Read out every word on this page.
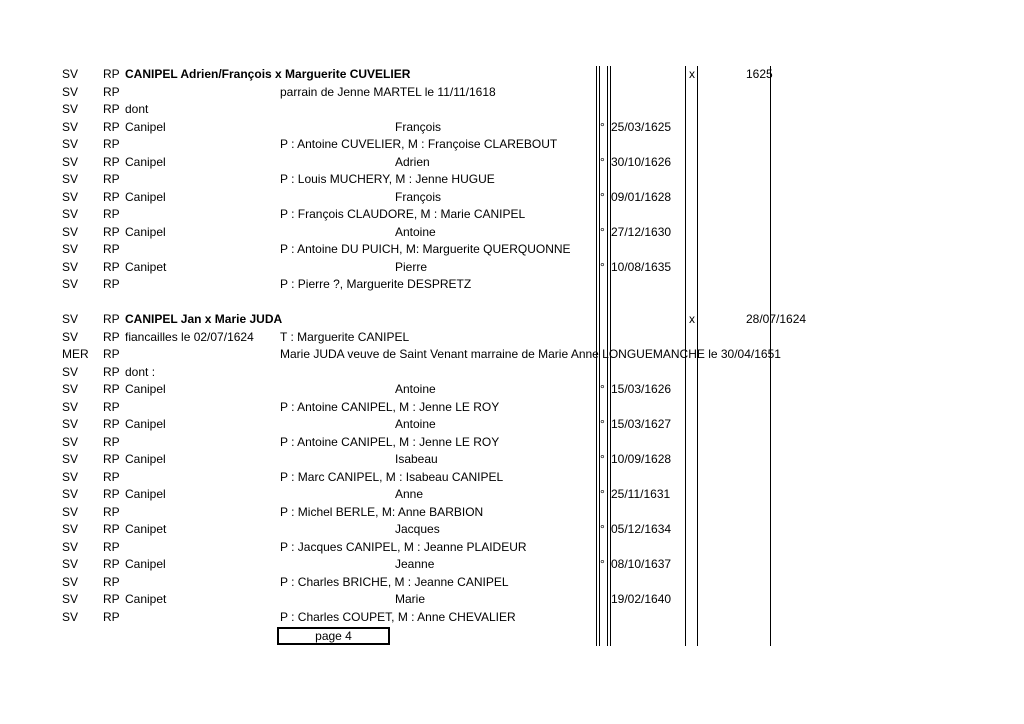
SV RP CANIPEL Adrien/François x Marguerite CUVELIER	x	1625
SV RP	parrain de Jenne MARTEL le 11/11/1618
SV RP dont
SV RP Canipel	François	° 25/03/1625
SV RP	P : Antoine CUVELIER, M : Françoise CLAREBOUT
SV RP Canipel	Adrien	° 30/10/1626
SV RP	P : Louis MUCHERY, M : Jenne HUGUE
SV RP Canipel	François	° 09/01/1628
SV RP	P : François CLAUDORE, M : Marie CANIPEL
SV RP Canipel	Antoine	° 27/12/1630
SV RP	P : Antoine DU PUICH, M: Marguerite QUERQUONNE
SV RP Canipet	Pierre	° 10/08/1635
SV RP	P : Pierre ?, Marguerite DESPRETZ
SV RP CANIPEL Jan x Marie JUDA	x	28/07/1624
SV RP fiancailles le 02/07/1624 T : Marguerite CANIPEL
MER RP	Marie JUDA veuve de Saint Venant marraine de Marie Anne LONGUEMANCHE le 30/04/1651
SV RP dont :
SV RP Canipel	Antoine	° 15/03/1626
SV RP	P : Antoine CANIPEL, M : Jenne LE ROY
SV RP Canipel	Antoine	° 15/03/1627
SV RP	P : Antoine CANIPEL, M : Jenne LE ROY
SV RP Canipel	Isabeau	° 10/09/1628
SV RP	P : Marc CANIPEL, M : Isabeau CANIPEL
SV RP Canipel	Anne	° 25/11/1631
SV RP	P : Michel BERLE, M: Anne BARBION
SV RP Canipet	Jacques	° 05/12/1634
SV RP	P : Jacques CANIPEL, M : Jeanne PLAIDEUR
SV RP Canipel	Jeanne	° 08/10/1637
SV RP	P : Charles BRICHE, M : Jeanne CANIPEL
SV RP Canipet	Marie	19/02/1640
SV RP	P : Charles COUPET, M : Anne CHEVALIER
page 4
